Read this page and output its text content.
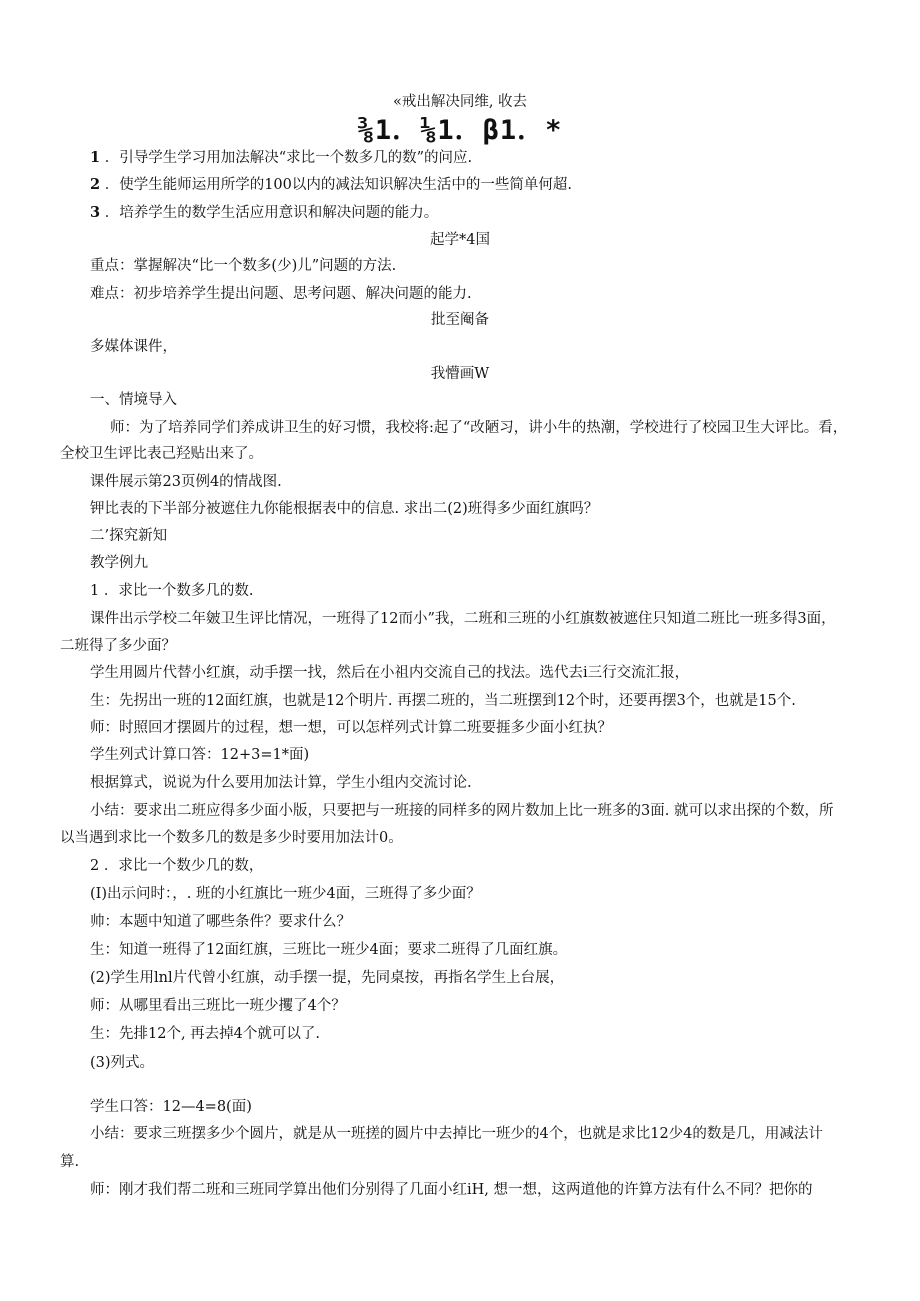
«戒出解决同维, 收去
⅜1．⅛1．β1．*
1 ．引导学生学习用加法解决“求比一个数多几的数”的问应.
2 ．使学生能师运用所学的100以内的减法知识解决生活中的一些简单何超.
3 ．培养学生的数学生活应用意识和解决问题的能力。
起学*4国
重点：掌握解决“比一个数多(少)儿”问题的方法.
难点：初步培养学生提出问题、思考问题、解决问题的能力.
批至阉备
多媒体课件，
我懵画W
一、情境导入
师：为了培养同学们养成讲卫生的好习惯，我校将:起了“改陋习，讲小牛的热潮，学校进行了校园卫生大评比。看，
全校卫生评比表己羟贴出来了。
课件展示第23页例4的情战图.
钾比表的下半部分被遮住九你能根据表中的信息. 求出二(2)班得多少面红旗吗？
二’探究新知
教学例九
1 ．求比一个数多几的数.
课件出示学校二年皴卫生评比情况，一班得了12而小”我，二班和三班的小红旗数被遮住只知道二班比一班多得3面，
二班得了多少面？
学生用圆片代替小红旗，动手摆一找，然后在小祖内交流自己的找法。选代去i三行交流汇报，
生：先拐出一班的12面红旗，也就是12个明片. 再摆二班的，当二班摆到12个时，还要再摆3个，也就是15个.
师：时照回才摆圆片的过程，想一想，可以怎样列式计算二班要捱多少面小红执？
学生列式计算口答：12+3=1*面)
根据算式，说说为什么要用加法计算，学生小组内交流讨论.
小结：要求出二班应得多少面小版，只要把与一班接的同样多的网片数加上比一班多的3面. 就可以求出探的个数，所
以当遇到求比一个数多几的数是多少时要用加法计0。
2 ．求比一个数少几的数，
(I)出示问时：，. 班的小红旗比一班少4面，三班得了多少面？
帅：本题中知道了哪些条件？要求什么？
生：知道一班得了12面红旗，三班比一班少4面；要求二班得了几面红旗。
(2)学生用lnl片代曾小红旗，动手摆一提，先同桌按，再指名学生上台展，
师：从哪里看出三班比一班少攫了4个？
生：先排12个, 再去掉4个就可以了.
(3)列式。
学生口答：12—4=8(面)
小结：要求三班摆多少个圆片，就是从一班搓的圆片中去掉比一班少的4个，也就是求比12少4的数是几，用减法计
算.
师：刚才我们帮二班和三班同学算出他们分别得了几面小红iH, 想一想，这两道他的许算方法有什么不同？把你的
